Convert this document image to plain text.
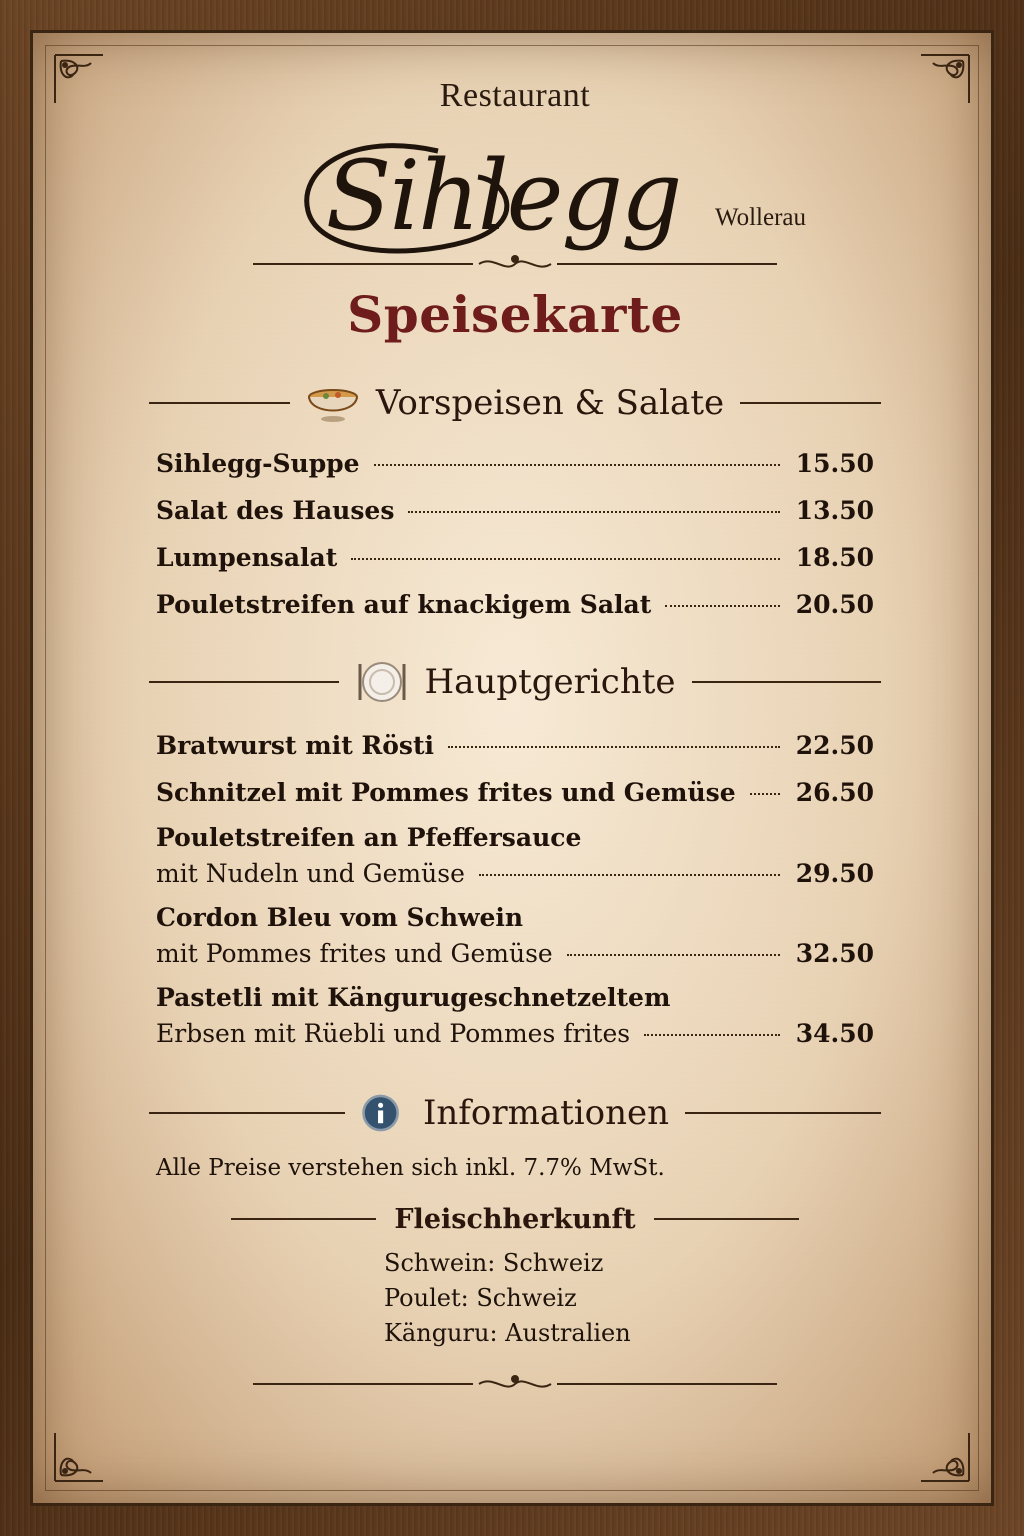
Restaurant
Sihlegg	Wollerau
Speisekarte
Vorspeisen & Salate
Sihlegg-Suppe	15.50
Salat des Hauses	13.50
Lumpensalat	18.50
Pouletstreifen auf knackigem Salat	20.50
Hauptgerichte
Bratwurst mit Rösti	22.50
Schnitzel mit Pommes frites und Gemüse 26.50
Pouletstreifen an Pfeffersauce
mit Nudeln und Gemüse	29.50
Cordon Bleu vom Schwein
mit Pommes frites und Gemüse	32.50
Pastetli mit Kängurugeschnetzeltem
Erbsen mit Rüebli und Pommes frites	34.50
Informationen
Alle Preise verstehen sich inkl. 7.7% MwSt.
Fleischherkunft
Schwein: Schweiz
Poulet: Schweiz
Känguru: Australien
